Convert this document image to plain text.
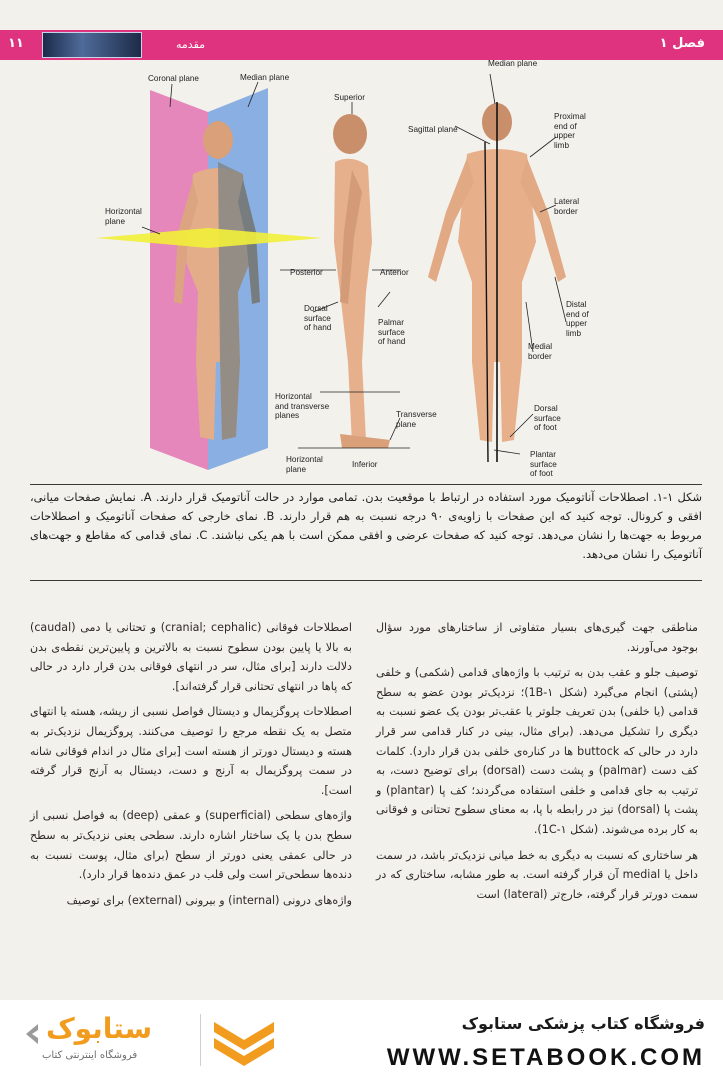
۱۱	مقدمه	فصل ۱
Coronal plane	Median plane
Horizontal
plane
Superior
Posterior	Anterior
Dorsal
surface
of hand
Palmar
surface
of hand
Horizontal
and transverse
planes	Transverse
plane
Horizontal
plane	Inferior
Median plane
Sagittal plane
Proximal
end of
upper
limb
Lateral
border
Distal
end of
upper
limb
Medial
border
Dorsal
surface
of foot
Plantar
surface
of foot
شکل ۱-۱. اصطلاحات آناتومیک مورد استفاده در ارتباط با موقعیت بدن. تمامی موارد در حالت آناتومیک قرار دارند. A. نمایش صفحات میانی، افقی و کرونال. توجه کنید که این صفحات با زاویه‌ی ۹۰ درجه نسبت به هم قرار دارند. B. نمای خارجی که صفحات آناتومیک و اصطلاحات مربوط به جهت‌ها را نشان می‌دهد. توجه کنید که صفحات عرضی و افقی ممکن است با هم یکی نباشند. C. نمای قدامی که مقاطع و جهت‌های آناتومیک را نشان می‌دهد.

مناطقی جهت گیری‌های بسیار متفاوتی از ساختارهای مورد سؤال بوجود می‌آورند.

توصیف جلو و عقب بدن به ترتیب با واژه‌های قدامی (شکمی) و خلفی (پشتی) انجام می‌گیرد (شکل 1B-۱)؛ نزدیک‌تر بودن عضو به سطح قدامی (یا خلفی) بدن تعریف جلوتر یا عقب‌تر بودن یک عضو نسبت به دیگری را تشکیل می‌دهد. (برای مثال، بینی در کنار قدامی سر قرار دارد در حالی که buttock ها در کناره‌ی خلفی بدن قرار دارد). کلمات کف دست (palmar) و پشت دست (dorsal) برای توضیح دست، به ترتیب به جای قدامی و خلفی استفاده می‌گردند؛ کف پا (plantar) و پشت پا (dorsal) نیز در رابطه با پا، به معنای سطوح تحتانی و فوقانی به کار برده می‌شوند. (شکل 1C-۱).

هر ساختاری که نسبت به دیگری به خط میانی نزدیک‌تر باشد، در سمت داخل یا medial آن قرار گرفته است. به طور مشابه، ساختاری که در سمت دورتر قرار گرفته، خارج‌تر (lateral) است

اصطلاحات فوقانی (cranial; cephalic) و تحتانی یا دمی (caudal) به بالا یا پایین بودن سطوح نسبت به بالاترین و پایین‌ترین نقطه‌ی بدن دلالت دارند [برای مثال، سر در انتهای فوقانی بدن قرار دارد در حالی که پاها در انتهای تحتانی قرار گرفته‌اند].

اصطلاحات پروگزیمال و دیستال فواصل نسبی از ریشه، هسته یا انتهای متصل به یک نقطه مرجع را توصیف می‌کنند. پروگزیمال نزدیک‌تر به هسته و دیستال دورتر از هسته است [برای مثال در اندام فوقانی شانه در سمت پروگزیمال به آرنج و دست، دیستال به آرنج قرار گرفته است].

واژه‌های سطحی (superficial) و عمقی (deep) به فواصل نسبی از سطح بدن یا یک ساختار اشاره دارند. سطحی یعنی نزدیک‌تر به سطح در حالی عمقی یعنی دورتر از سطح (برای مثال، پوست نسبت به دنده‌ها سطحی‌تر است ولی قلب در عمق دنده‌ها قرار دارد).

واژه‌های درونی (internal) و بیرونی (external) برای توصیف

ستابوک
فروشگاه اینترنتی کتاب
فروشگاه کتاب پزشکی ستابوک
WWW.SETABOOK.COM
